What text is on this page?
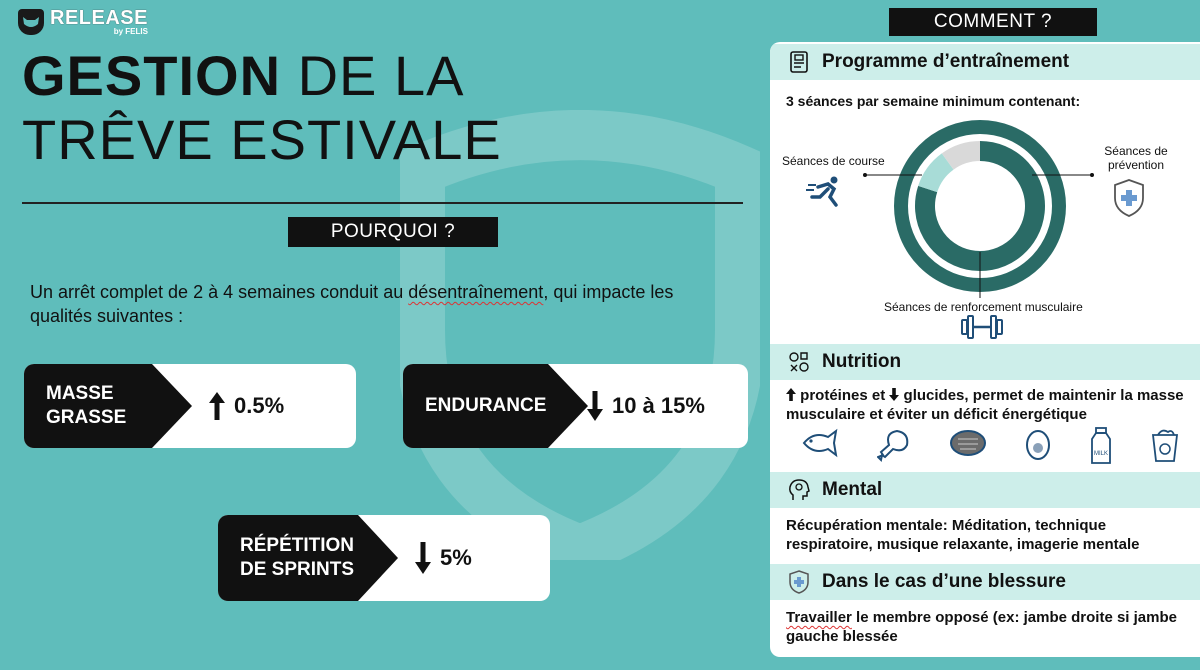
RELEASE
by FELIS
GESTION DE LA
TRÊVE ESTIVALE
POURQUOI ?
Un arrêt complet de 2 à 4 semaines conduit au désentraînement, qui impacte les qualités suivantes :
MASSE
GRASSE	0.5%	ENDURANCE	10 à 15%
RÉPÉTITION
DE SPRINTS	5%
COMMENT ?
Programme d’entraînement
3 séances par semaine minimum contenant:
Séances de course
Séances de
prévention
Séances de renforcement musculaire
Nutrition
protéines et glucides, permet de maintenir la masse musculaire et éviter un déficit énergétique
MILK
Mental
Récupération mentale: Méditation, technique respiratoire, musique relaxante, imagerie mentale
Dans le cas d’une blessure
Travailler le membre opposé (ex: jambe droite si jambe gauche blessée
